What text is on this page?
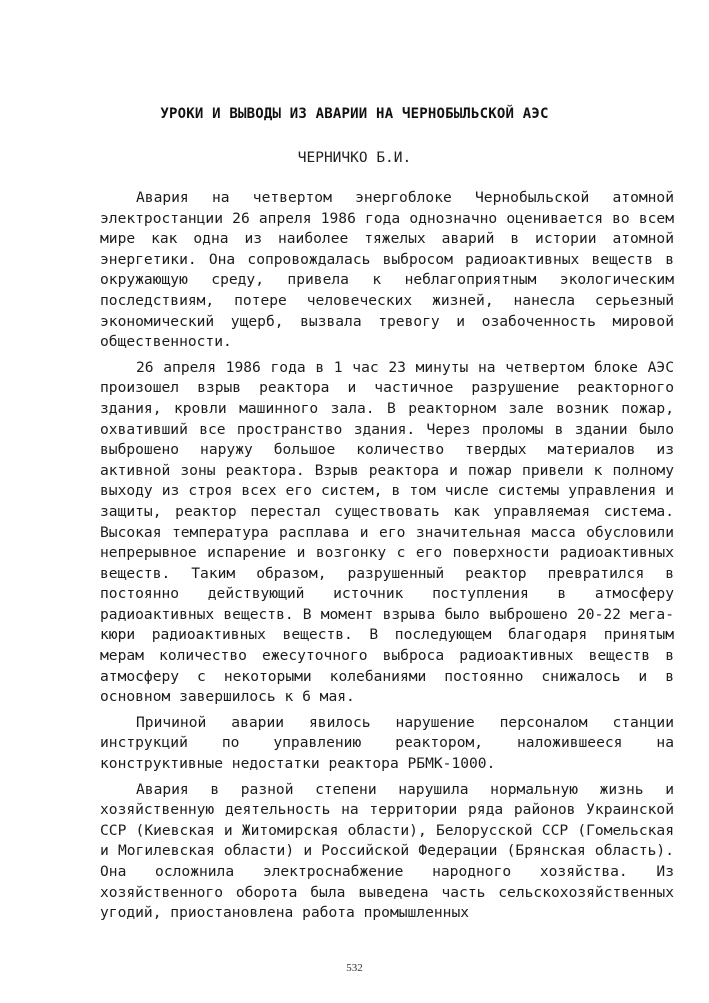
УРОКИ И ВЫВОДЫ ИЗ АВАРИИ НА ЧЕРНОБЫЛЬСКОЙ АЭС
ЧЕРНИЧКО Б.И.

Авария на четвертом энергоблоке Чернобыльской атомной электростанции 26 апреля 1986 года однозначно оценивается во всем мире как одна из наиболее тяжелых аварий в истории атомной энергетики. Она сопровождалась выбросом радиоактивных веществ в окружающую среду, привела к неблагоприятным экологическим последствиям, потере человеческих жизней, нанесла серьезный экономический ущерб, вызвала тревогу и озабоченность мировой общественности.

26 апреля 1986 года в 1 час 23 минуты на четвертом блоке АЭС произошел взрыв реактора и частичное разрушение реакторного здания, кровли машинного зала. В реакторном зале возник пожар, охвативший все пространство здания. Через проломы в здании было выброшено наружу большое количество твердых материалов из активной зоны реактора. Взрыв реактора и пожар привели к полному выходу из строя всех его систем, в том числе системы управления и защиты, реактор перестал существовать как управляемая система. Высокая температура расплава и его значительная масса обусловили непрерывное испарение и возгонку с его поверхности радиоактивных веществ. Таким образом, разрушенный реактор превратился в постоянно действующий источник поступления в атмосферу радиоактивных веществ. В момент взрыва было выброшено 20-22 мега-кюри радиоактивных веществ. В последующем благодаря принятым мерам количество ежесуточного выброса радиоактивных веществ в атмосферу с некоторыми колебаниями постоянно снижалось и в основном завершилось к 6 мая.

Причиной аварии явилось нарушение персоналом станции инструкций по управлению реактором, наложившееся на конструктивные недостатки реактора РБМК-1000.

Авария в разной степени нарушила нормальную жизнь и хозяйственную деятельность на территории ряда районов Украинской ССР (Киевская и Житомирская области), Белорусской ССР (Гомельская и Могилевская области) и Российской Федерации (Брянская область). Она осложнила электроснабжение народного хозяйства. Из хозяйственного оборота была выведена часть сельскохозяйственных угодий, приостановлена работа промышленных

532
